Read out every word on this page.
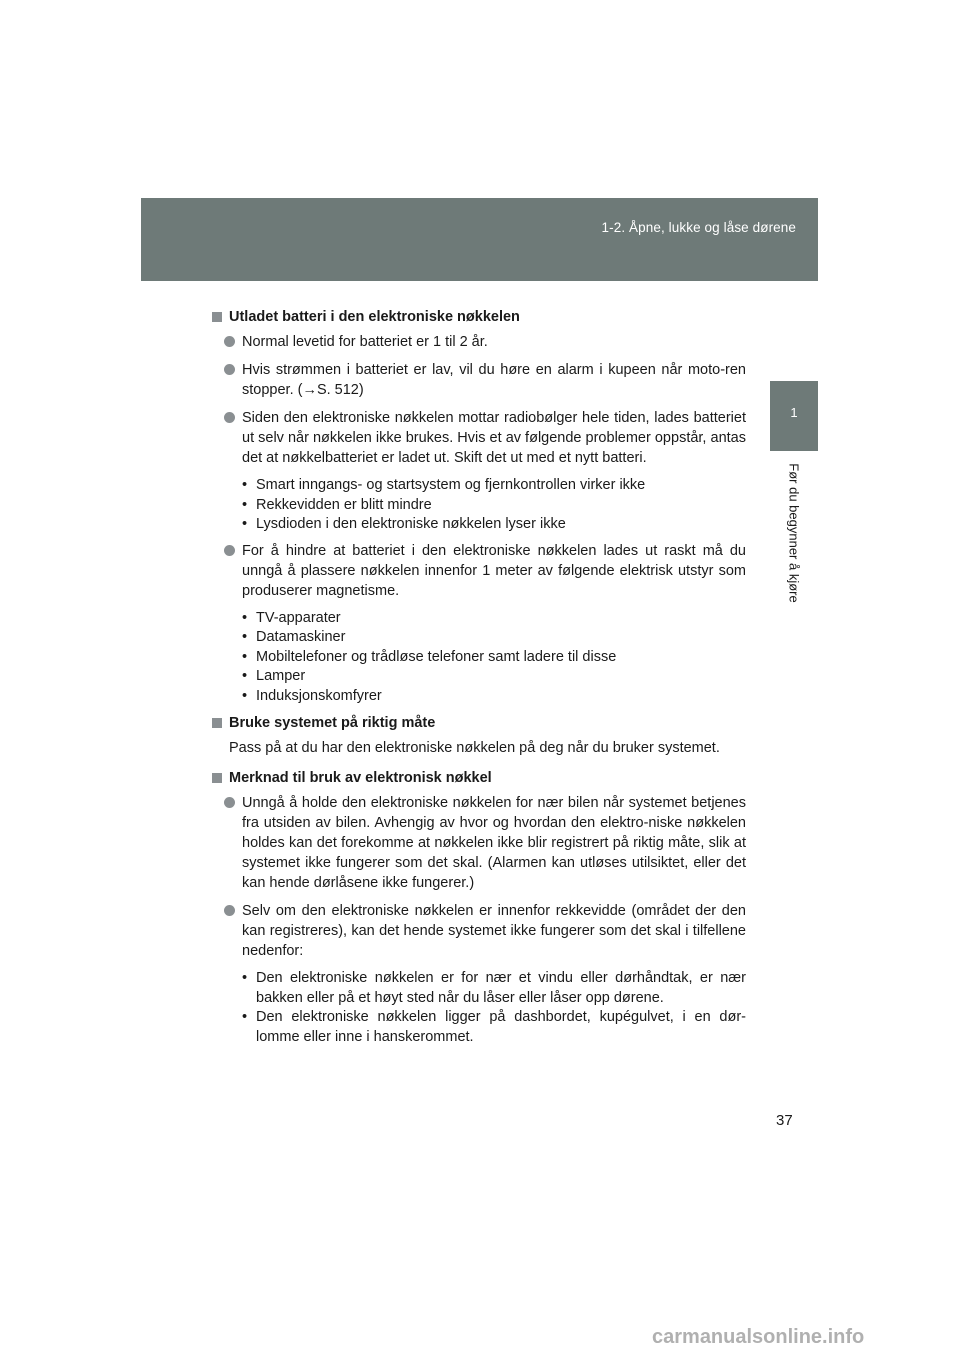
1-2. Åpne, lukke og låse dørene
1
Før du begynner å kjøre
Utladet batteri i den elektroniske nøkkelen
Normal levetid for batteriet er 1 til 2 år.
Hvis strømmen i batteriet er lav, vil du høre en alarm i kupeen når moto-ren stopper. (→S. 512)
Siden den elektroniske nøkkelen mottar radiobølger hele tiden, lades batteriet ut selv når nøkkelen ikke brukes. Hvis et av følgende problemer oppstår, antas det at nøkkelbatteriet er ladet ut. Skift det ut med et nytt batteri.
• Smart inngangs- og startsystem og fjernkontrollen virker ikke
• Rekkevidden er blitt mindre
• Lysdioden i den elektroniske nøkkelen lyser ikke
For å hindre at batteriet i den elektroniske nøkkelen lades ut raskt må du unngå å plassere nøkkelen innenfor 1 meter av følgende elektrisk utstyr som produserer magnetisme.
• TV-apparater
• Datamaskiner
• Mobiltelefoner og trådløse telefoner samt ladere til disse
• Lamper
• Induksjonskomfyrer
Bruke systemet på riktig måte
Pass på at du har den elektroniske nøkkelen på deg når du bruker systemet.
Merknad til bruk av elektronisk nøkkel
Unngå å holde den elektroniske nøkkelen for nær bilen når systemet betjenes fra utsiden av bilen. Avhengig av hvor og hvordan den elektro-niske nøkkelen holdes kan det forekomme at nøkkelen ikke blir registrert på riktig måte, slik at systemet ikke fungerer som det skal. (Alarmen kan utløses utilsiktet, eller det kan hende dørlåsene ikke fungerer.)
Selv om den elektroniske nøkkelen er innenfor rekkevidde (området der den kan registreres), kan det hende systemet ikke fungerer som det skal i tilfellene nedenfor:
• Den elektroniske nøkkelen er for nær et vindu eller dørhåndtak, er nær bakken eller på et høyt sted når du låser eller låser opp dørene.
• Den elektroniske nøkkelen ligger på dashbordet, kupégulvet, i en dør-lomme eller inne i hanskerommet.
37
carmanualsonline.info
